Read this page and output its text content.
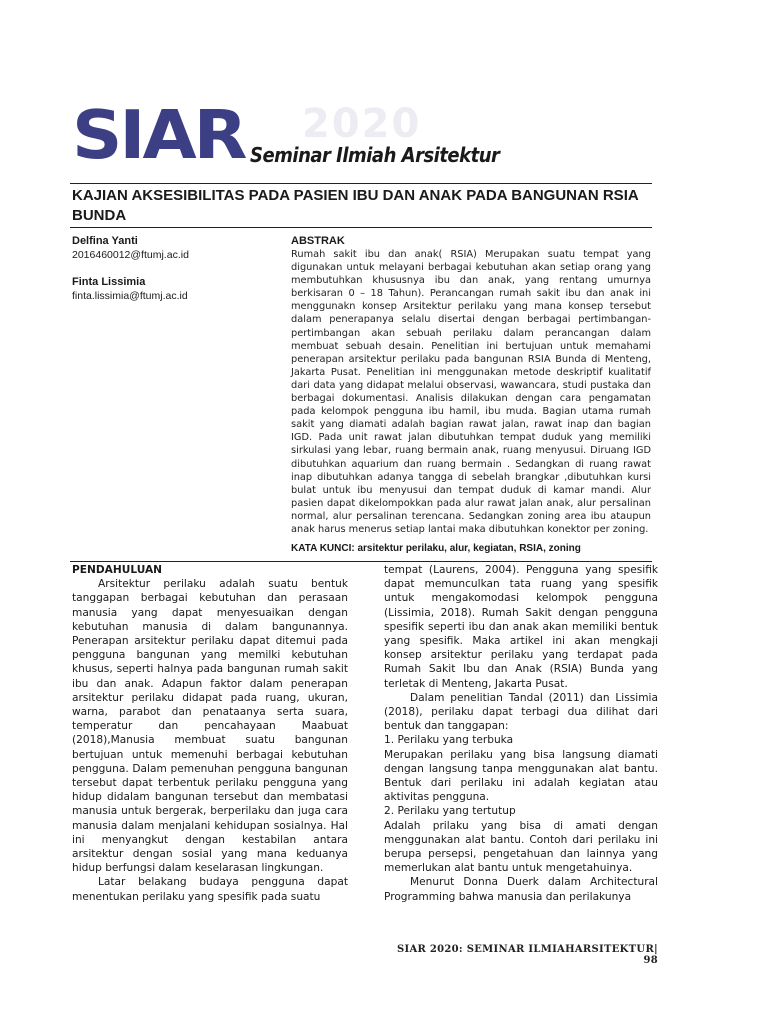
2020
SIAR Seminar Ilmiah Arsitektur
KAJIAN AKSESIBILITAS PADA PASIEN IBU DAN ANAK PADA BANGUNAN RSIA BUNDA
Delfina Yanti
2016460012@ftumj.ac.id
Finta Lissimia
finta.lissimia@ftumj.ac.id
ABSTRAK
Rumah sakit ibu dan anak( RSIA) Merupakan suatu tempat yang digunakan untuk melayani berbagai kebutuhan akan setiap orang yang membutuhkan khususnya ibu dan anak, yang rentang umurnya berkisaran 0 – 18 Tahun). Perancangan rumah sakit ibu dan anak ini menggunakn konsep Arsitektur perilaku yang mana konsep tersebut dalam penerapanya selalu disertai dengan berbagai pertimbangan-pertimbangan akan sebuah perilaku dalam perancangan dalam membuat sebuah desain. Penelitian ini bertujuan untuk memahami penerapan arsitektur perilaku pada bangunan RSIA Bunda di Menteng, Jakarta Pusat. Penelitian ini menggunakan metode deskriptif kualitatif dari data yang didapat melalui observasi, wawancara, studi pustaka dan berbagai dokumentasi. Analisis dilakukan dengan cara pengamatan pada kelompok pengguna ibu hamil, ibu muda. Bagian utama rumah sakit yang diamati adalah bagian rawat jalan, rawat inap dan bagian IGD. Pada unit rawat jalan dibutuhkan tempat duduk yang memiliki sirkulasi yang lebar, ruang bermain anak, ruang menyusui. Diruang IGD dibutuhkan aquarium dan ruang bermain . Sedangkan di ruang rawat inap dibutuhkan adanya tangga di sebelah brangkar ,dibutuhkan kursi bulat untuk ibu menyusui dan tempat duduk di kamar mandi. Alur pasien dapat dikelompokkan pada alur rawat jalan anak, alur persalinan normal, alur persalinan terencana. Sedangkan zoning area ibu ataupun anak harus menerus setiap lantai maka dibutuhkan konektor per zoning.
KATA KUNCI: arsitektur perilaku, alur, kegiatan, RSIA, zoning
PENDAHULUAN

Arsitektur perilaku adalah suatu bentuk tanggapan berbagai kebutuhan dan perasaan manusia yang dapat menyesuaikan dengan kebutuhan manusia di dalam bangunannya. Penerapan arsitektur perilaku dapat ditemui pada pengguna bangunan yang memilki kebutuhan khusus, seperti halnya pada bangunan rumah sakit ibu dan anak. Adapun faktor dalam penerapan arsitektur perilaku didapat pada ruang, ukuran, warna, parabot dan penataanya serta suara, temperatur dan pencahayaan Maabuat (2018),Manusia membuat suatu bangunan bertujuan untuk memenuhi berbagai kebutuhan pengguna. Dalam pemenuhan pengguna bangunan tersebut dapat terbentuk perilaku pengguna yang hidup didalam bangunan tersebut dan membatasi manusia untuk bergerak, berperilaku dan juga cara manusia dalam menjalani kehidupan sosialnya. Hal ini menyangkut dengan kestabilan antara arsitektur dengan sosial yang mana keduanya hidup berfungsi dalam keselarasan lingkungan.

Latar belakang budaya pengguna dapat menentukan perilaku yang spesifik pada suatu

tempat (Laurens, 2004). Pengguna yang spesifik dapat memunculkan tata ruang yang spesifik untuk mengakomodasi kelompok pengguna (Lissimia, 2018). Rumah Sakit dengan pengguna spesifik seperti ibu dan anak akan memiliki bentuk yang spesifik. Maka artikel ini akan mengkaji konsep arsitektur perilaku yang terdapat pada Rumah Sakit Ibu dan Anak (RSIA) Bunda yang terletak di Menteng, Jakarta Pusat.

Dalam penelitian Tandal (2011) dan Lissimia (2018), perilaku dapat terbagi dua dilihat dari bentuk dan tanggapan:

1. Perilaku yang terbuka

Merupakan perilaku yang bisa langsung diamati dengan langsung tanpa menggunakan alat bantu. Bentuk dari perilaku ini adalah kegiatan atau aktivitas pengguna.

2. Perilaku yang tertutup

Adalah prilaku yang bisa di amati dengan menggunakan alat bantu. Contoh dari perilaku ini berupa persepsi, pengetahuan dan lainnya yang memerlukan alat bantu untuk mengetahuinya.

Menurut Donna Duerk dalam Architectural Programming bahwa manusia dan perilakunya

SIAR 2020: SEMINAR ILMIAHARSITEKTUR| 98
